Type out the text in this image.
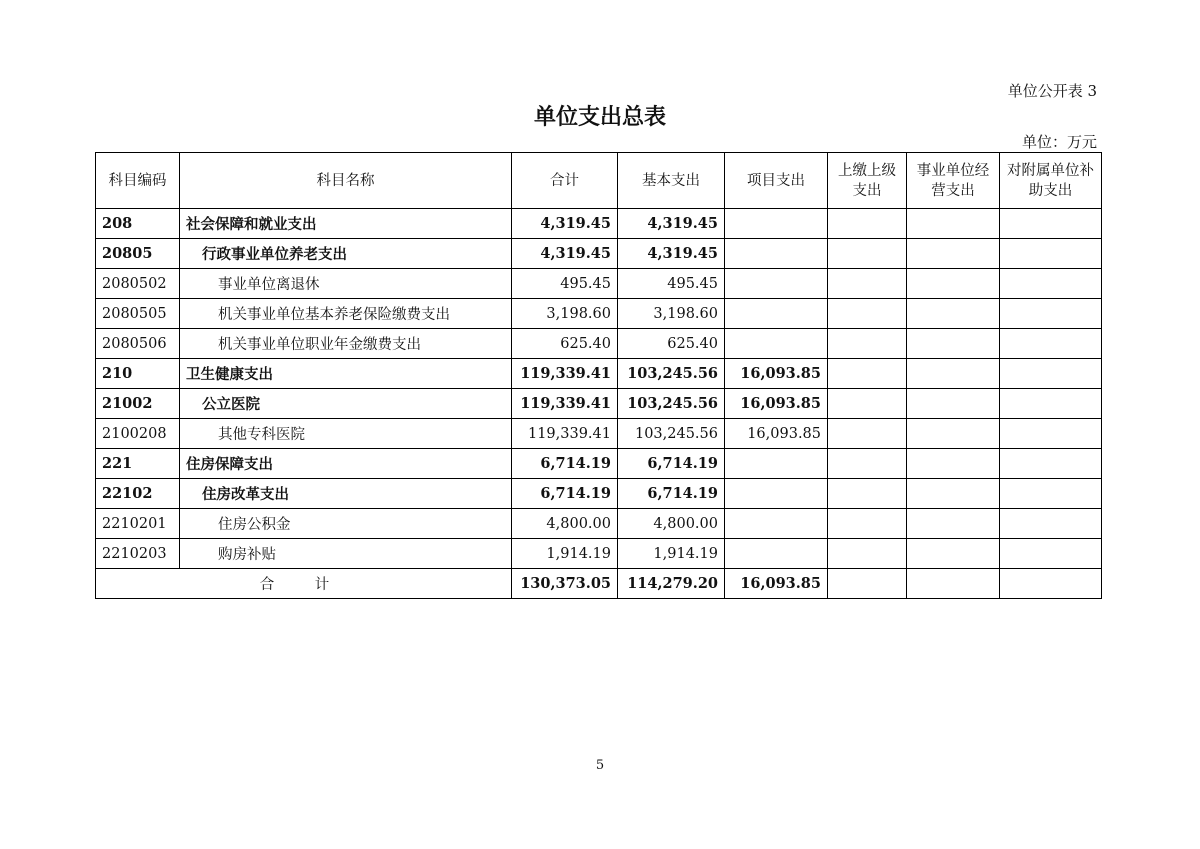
单位公开表 3
单位支出总表
单位：万元
科目编码	科目名称	合计	基本支出	项目支出	上缴上级支出	事业单位经营支出	对附属单位补助支出
208	社会保障和就业支出	4,319.45	4,319.45				
20805	行政事业单位养老支出	4,319.45	4,319.45				
2080502	事业单位离退休	495.45	495.45				
2080505	机关事业单位基本养老保险缴费支出	3,198.60	3,198.60				
2080506	机关事业单位职业年金缴费支出	625.40	625.40				
210	卫生健康支出	119,339.41	103,245.56	16,093.85			
21002	公立医院	119,339.41	103,245.56	16,093.85			
2100208	其他专科医院	119,339.41	103,245.56	16,093.85			
221	住房保障支出	6,714.19	6,714.19				
22102	住房改革支出	6,714.19	6,714.19				
2210201	住房公积金	4,800.00	4,800.00				
2210203	购房补贴	1,914.19	1,914.19				
合 计		130,373.05	114,279.20	16,093.85			
5
